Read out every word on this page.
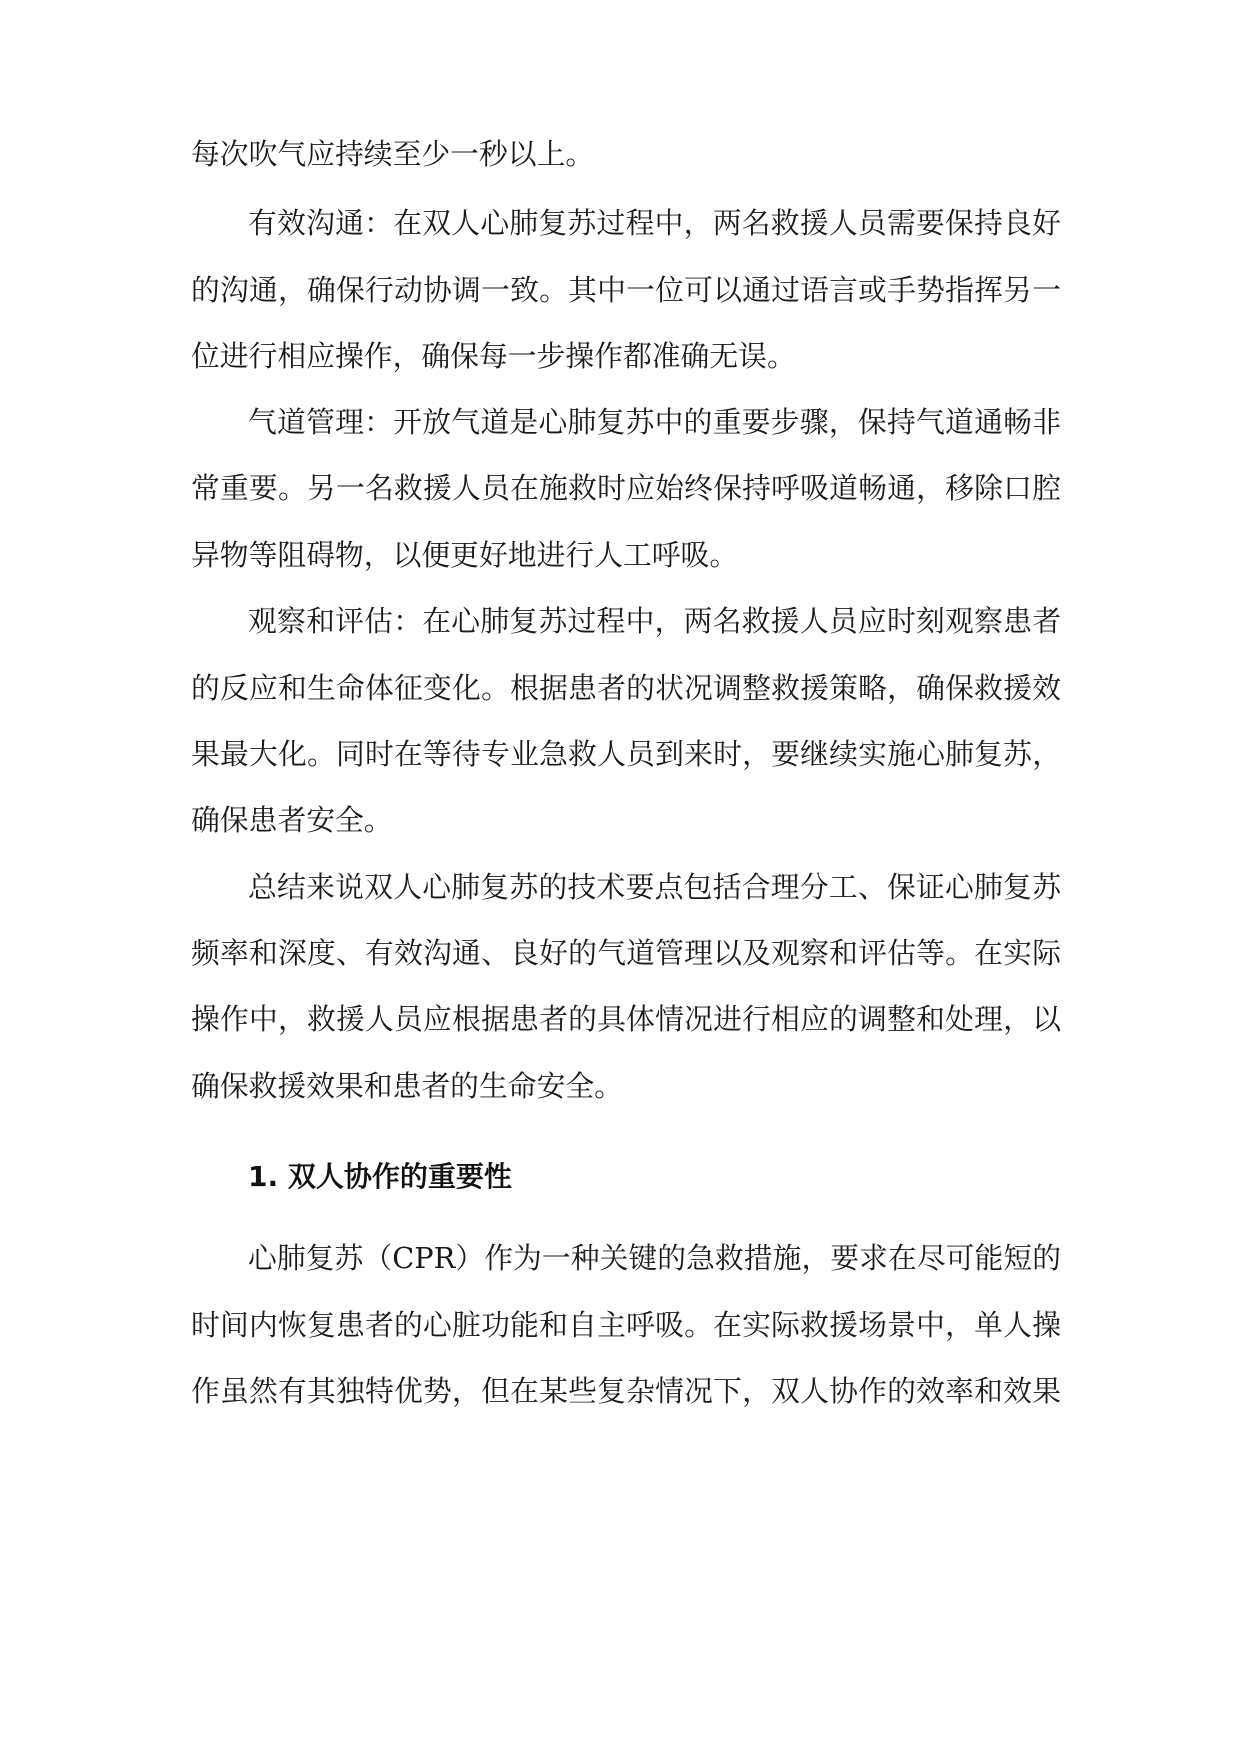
每次吹气应持续至少一秒以上。

有效沟通：在双人心肺复苏过程中，两名救援人员需要保持良好

的沟通，确保行动协调一致。其中一位可以通过语言或手势指挥另一

位进行相应操作，确保每一步操作都准确无误。

气道管理：开放气道是心肺复苏中的重要步骤，保持气道通畅非

常重要。另一名救援人员在施救时应始终保持呼吸道畅通，移除口腔

异物等阻碍物，以便更好地进行人工呼吸。

观察和评估：在心肺复苏过程中，两名救援人员应时刻观察患者

的反应和生命体征变化。根据患者的状况调整救援策略，确保救援效

果最大化。同时在等待专业急救人员到来时，要继续实施心肺复苏，

确保患者安全。

总结来说双人心肺复苏的技术要点包括合理分工、保证心肺复苏

频率和深度、有效沟通、良好的气道管理以及观察和评估等。在实际

操作中，救援人员应根据患者的具体情况进行相应的调整和处理，以

确保救援效果和患者的生命安全。

1. 双人协作的重要性

心肺复苏（CPR）作为一种关键的急救措施，要求在尽可能短的

时间内恢复患者的心脏功能和自主呼吸。在实际救援场景中，单人操

作虽然有其独特优势，但在某些复杂情况下，双人协作的效率和效果
